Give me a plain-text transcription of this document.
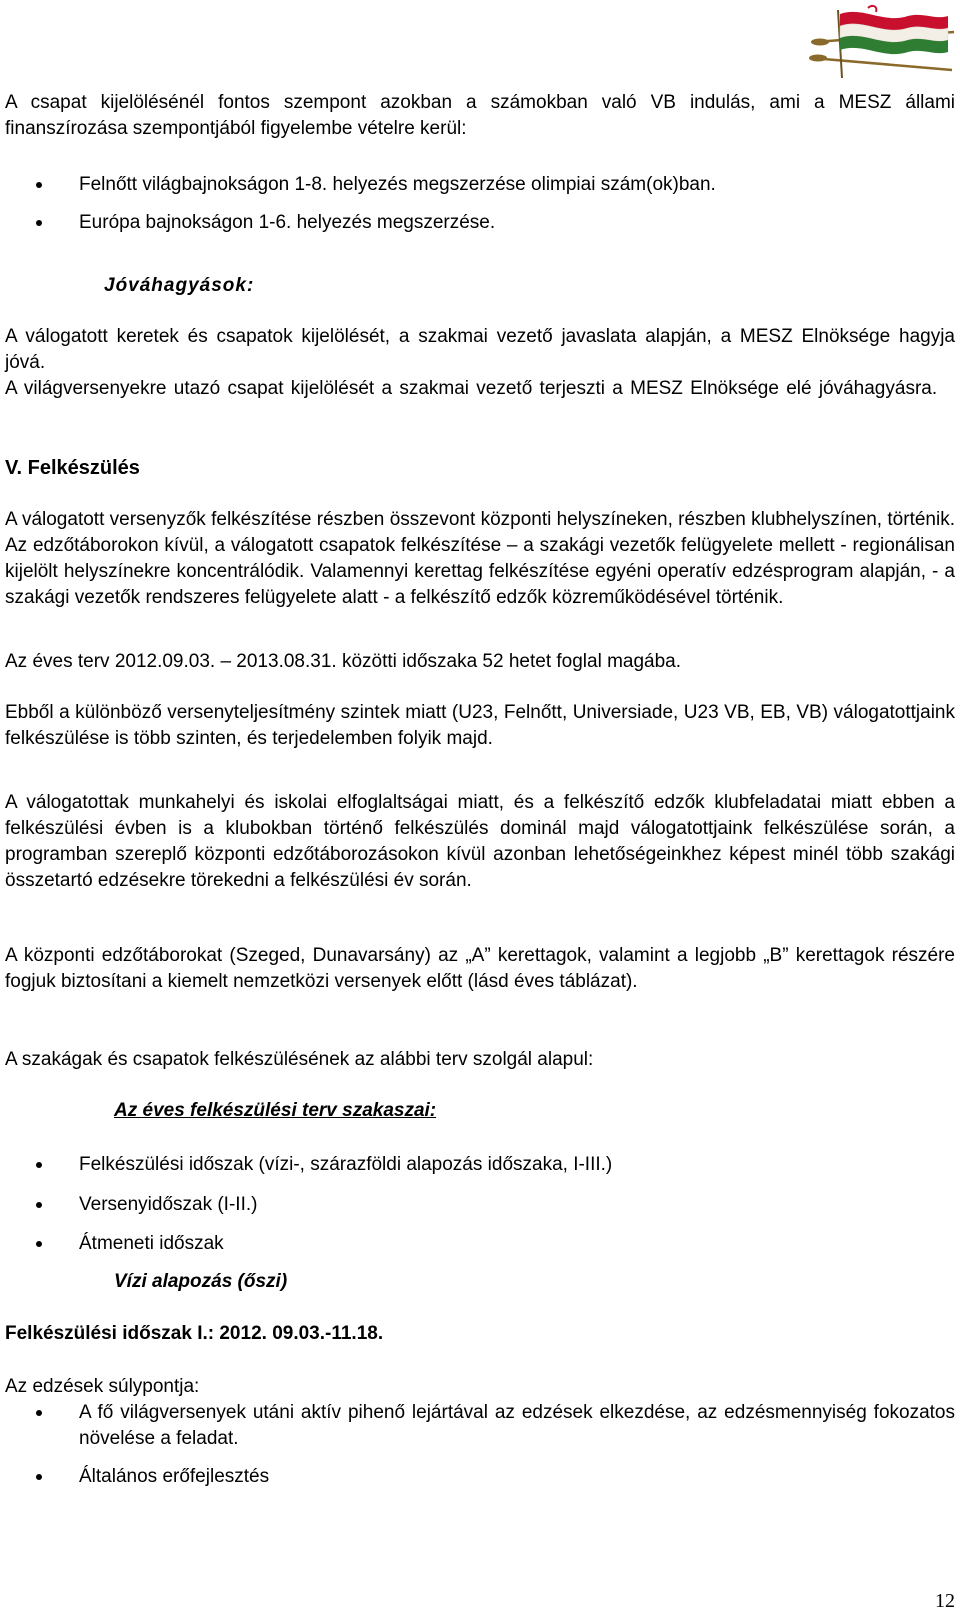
A csapat kijelölésénél fontos szempont azokban a számokban való VB indulás, ami a MESZ állami finanszírozása szempontjából figyelembe vételre kerül:

Felnőtt világbajnokságon 1-8. helyezés megszerzése olimpiai szám(ok)ban.

Európa bajnokságon 1-6. helyezés megszerzése.

Jóváhagyások:

A válogatott keretek és csapatok kijelölését, a szakmai vezető javaslata alapján, a MESZ Elnöksége hagyja jóvá.

A világversenyekre utazó csapat kijelölését a szakmai vezető terjeszti a MESZ Elnöksége elé jóváhagyásra.

V. Felkészülés

A válogatott versenyzők felkészítése részben összevont központi helyszíneken, részben klubhelyszínen, történik. Az edzőtáborokon kívül, a válogatott csapatok felkészítése – a szakági vezetők felügyelete mellett - regionálisan kijelölt helyszínekre koncentrálódik. Valamennyi kerettag felkészítése egyéni operatív edzésprogram alapján, - a szakági vezetők rendszeres felügyelete alatt - a felkészítő edzők közreműködésével történik.

Az éves terv 2012.09.03. – 2013.08.31. közötti időszaka 52 hetet foglal magába.

Ebből a különböző versenyteljesítmény szintek miatt (U23, Felnőtt, Universiade, U23 VB, EB, VB) válogatottjaink felkészülése is több szinten, és terjedelemben folyik majd.

A válogatottak munkahelyi és iskolai elfoglaltságai miatt, és a felkészítő edzők klubfeladatai miatt ebben a felkészülési évben is a klubokban történő felkészülés dominál majd válogatottjaink felkészülése során, a programban szereplő központi edzőtáborozásokon kívül azonban lehetőségeinkhez képest minél több szakági összetartó edzésekre törekedni a felkészülési év során.

A központi edzőtáborokat (Szeged, Dunavarsány) az „A” kerettagok, valamint a legjobb „B” kerettagok részére fogjuk biztosítani a kiemelt nemzetközi versenyek előtt (lásd éves táblázat).

A szakágak és csapatok felkészülésének az alábbi terv szolgál alapul:

Az éves felkészülési terv szakaszai:

Felkészülési időszak (vízi-, szárazföldi alapozás időszaka, I-III.)

Versenyidőszak (I-II.)

Átmeneti időszak

Vízi alapozás (őszi)

Felkészülési időszak I.: 2012. 09.03.-11.18.

Az edzések súlypontja:

A fő világversenyek utáni aktív pihenő lejártával az edzések elkezdése, az edzésmennyiség fokozatos növelése a feladat.

Általános erőfejlesztés

12
